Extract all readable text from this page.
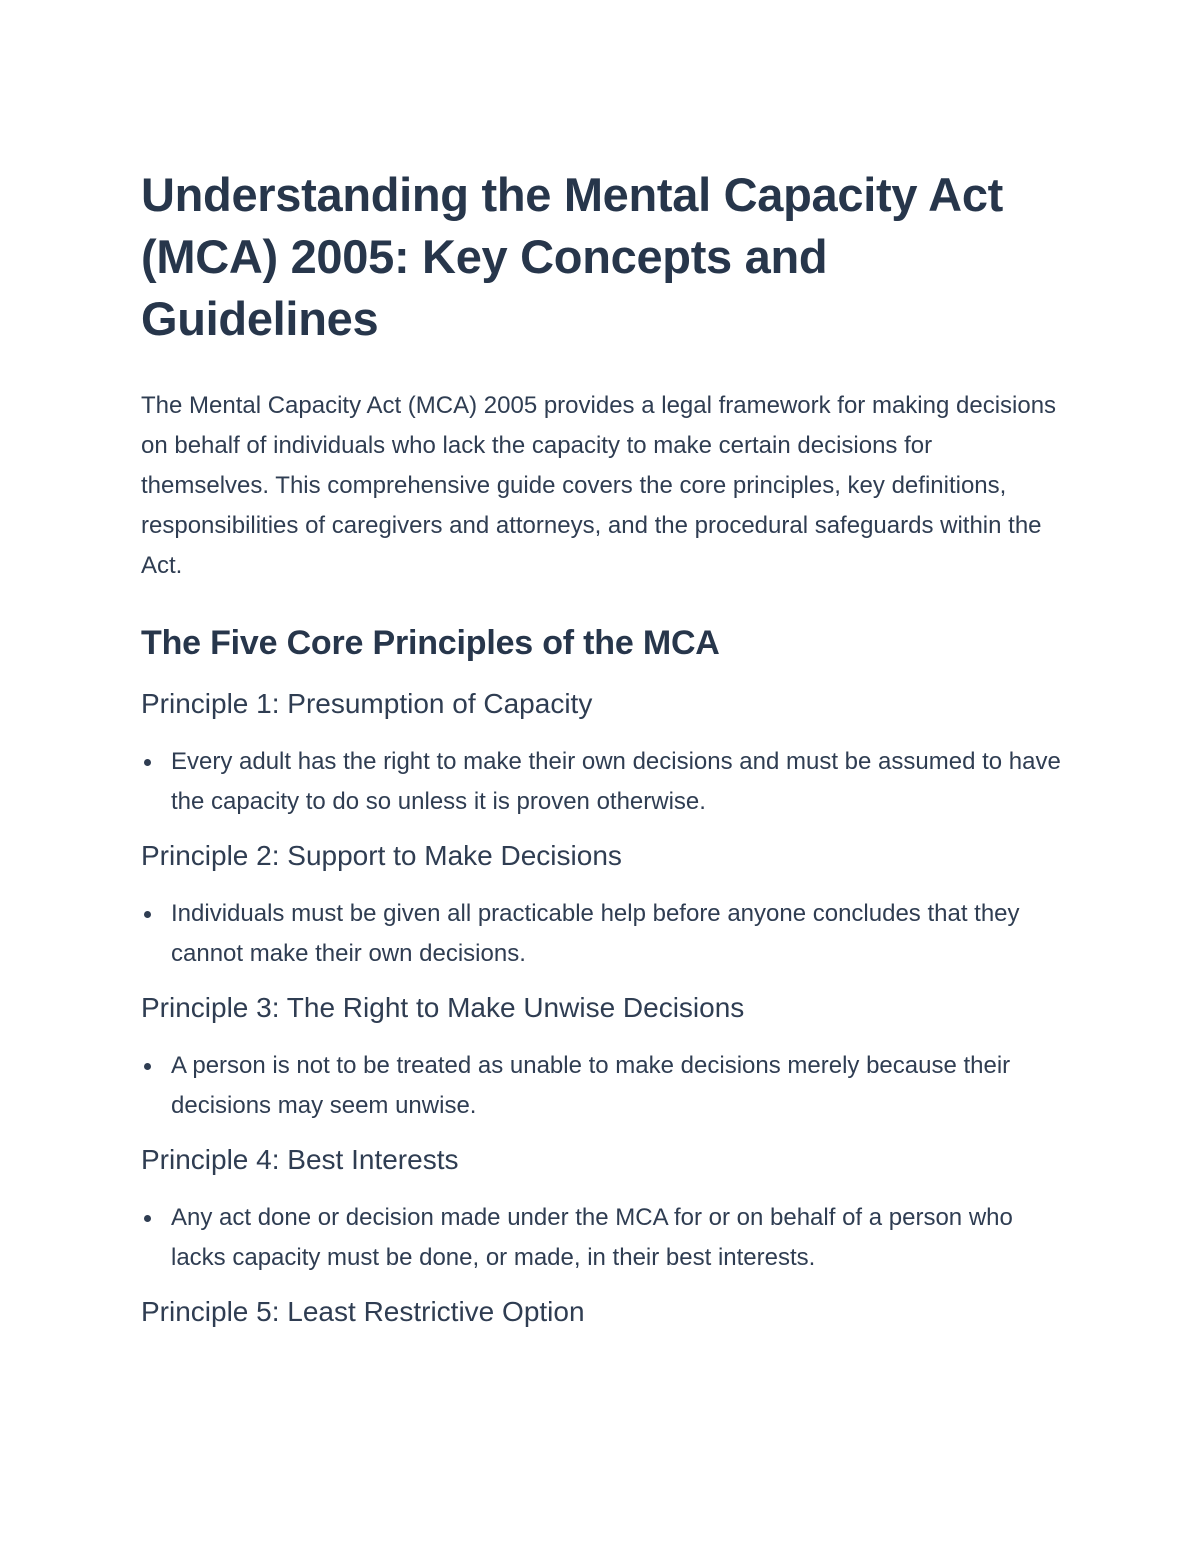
Understanding the Mental Capacity Act (MCA) 2005: Key Concepts and Guidelines

The Mental Capacity Act (MCA) 2005 provides a legal framework for making decisions on behalf of individuals who lack the capacity to make certain decisions for themselves. This comprehensive guide covers the core principles, key definitions, responsibilities of caregivers and attorneys, and the procedural safeguards within the Act.

The Five Core Principles of the MCA
Principle 1: Presumption of Capacity
Every adult has the right to make their own decisions and must be assumed to have the capacity to do so unless it is proven otherwise.
Principle 2: Support to Make Decisions
Individuals must be given all practicable help before anyone concludes that they cannot make their own decisions.
Principle 3: The Right to Make Unwise Decisions
A person is not to be treated as unable to make decisions merely because their decisions may seem unwise.
Principle 4: Best Interests
Any act done or decision made under the MCA for or on behalf of a person who lacks capacity must be done, or made, in their best interests.
Principle 5: Least Restrictive Option
